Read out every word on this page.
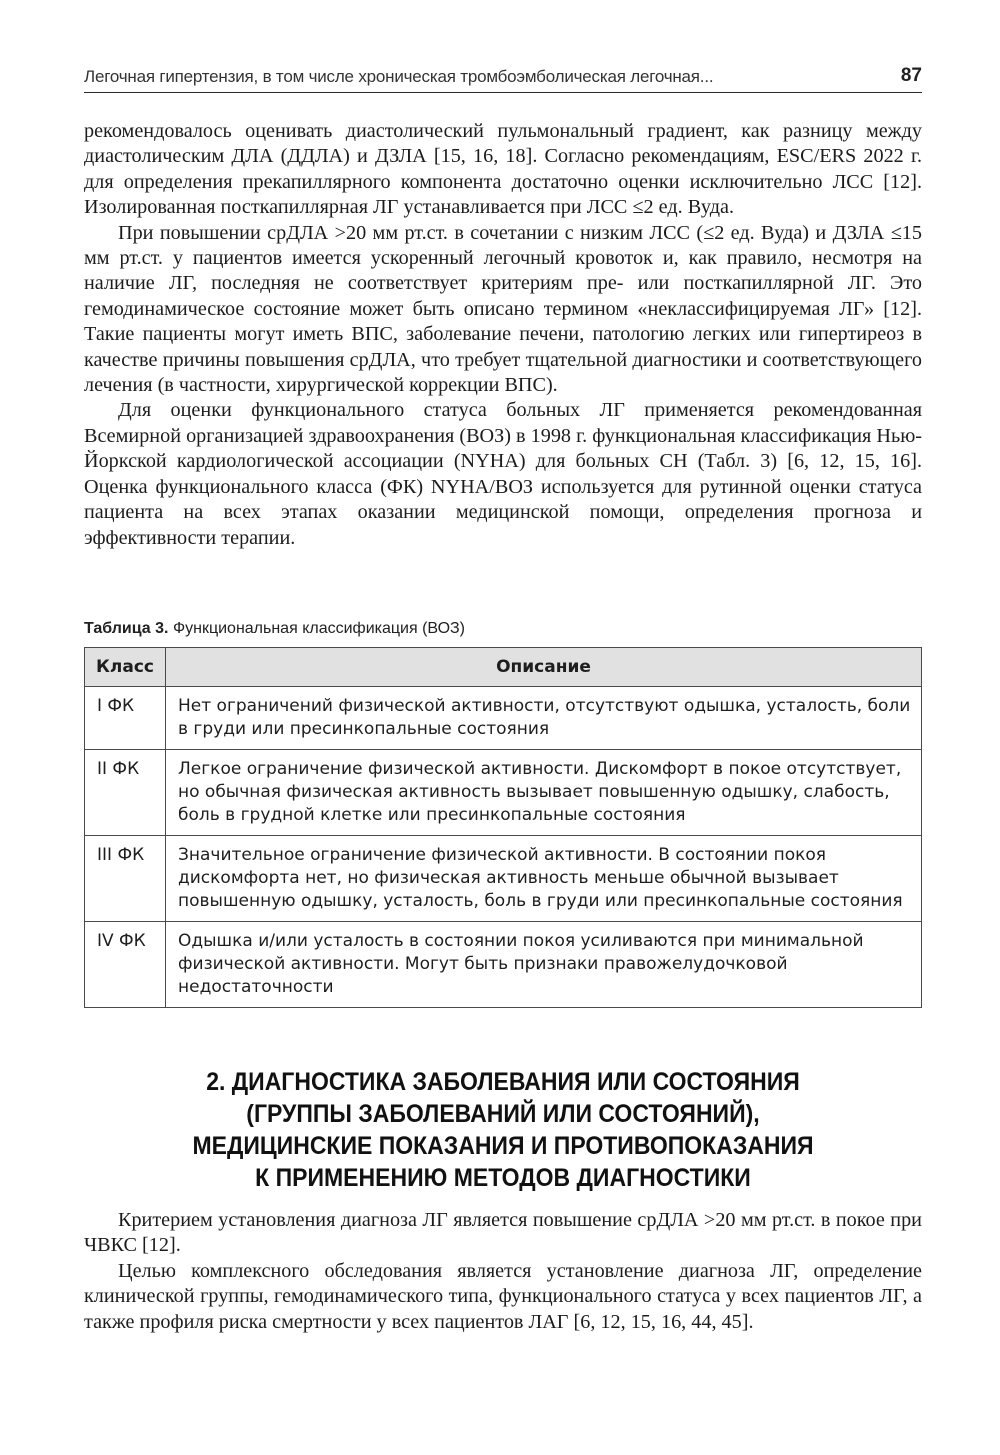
Легочная гипертензия, в том числе хроническая тромбоэмболическая легочная...	87

рекомендовалось оценивать диастолический пульмональный градиент, как разницу между диастолическим ДЛА (ДДЛА) и ДЗЛА [15, 16, 18]. Согласно рекомендациям, ESC/ERS 2022 г. для определения прекапиллярного компонента достаточно оценки исключительно ЛСС [12]. Изолированная посткапиллярная ЛГ устанавливается при ЛСС ≤2 ед. Вуда.

При повышении срДЛА >20 мм рт.ст. в сочетании с низким ЛСС (≤2 ед. Вуда) и ДЗЛА ≤15 мм рт.ст. у пациентов имеется ускоренный легочный кровоток и, как правило, несмотря на наличие ЛГ, последняя не соответствует критериям пре- или посткапиллярной ЛГ. Это гемодинамическое состояние может быть описано термином «неклассифицируемая ЛГ» [12]. Такие пациенты могут иметь ВПС, заболевание печени, патологию легких или гипертиреоз в качестве причины повышения срДЛА, что требует тщательной диагностики и соответствующего лечения (в частности, хирургической коррекции ВПС).

Для оценки функционального статуса больных ЛГ применяется рекомендованная Всемирной организацией здравоохранения (ВОЗ) в 1998 г. функциональная классификация Нью-Йоркской кардиологической ассоциации (NYHA) для больных СН (Табл. 3) [6, 12, 15, 16]. Оценка функционального класса (ФК) NYHA/ВОЗ используется для рутинной оценки статуса пациента на всех этапах оказании медицинской помощи, определения прогноза и эффективности терапии.

Таблица 3. Функциональная классификация (ВОЗ)
Класс	Описание
I ФК	Нет ограничений физической активности, отсутствуют одышка, усталость, боли в груди или пресинкопальные состояния
II ФК	Легкое ограничение физической активности. Дискомфорт в покое отсутствует, но обычная физическая активность вызывает повышенную одышку, слабость, боль в грудной клетке или пресинкопальные состояния
III ФК	Значительное ограничение физической активности. В состоянии покоя дискомфорта нет, но физическая активность меньше обычной вызывает повышенную одышку, усталость, боль в груди или пресинкопальные состояния
IV ФК	Одышка и/или усталость в состоянии покоя усиливаются при минимальной физической активности. Могут быть признаки правожелудочковой недостаточности
2. ДИАГНОСТИКА ЗАБОЛЕВАНИЯ ИЛИ СОСТОЯНИЯ
(ГРУППЫ ЗАБОЛЕВАНИЙ ИЛИ СОСТОЯНИЙ),
МЕДИЦИНСКИЕ ПОКАЗАНИЯ И ПРОТИВОПОКАЗАНИЯ
К ПРИМЕНЕНИЮ МЕТОДОВ ДИАГНОСТИКИ

Критерием установления диагноза ЛГ является повышение срДЛА >20 мм рт.ст. в покое при ЧВКС [12].

Целью комплексного обследования является установление диагноза ЛГ, определение клинической группы, гемодинамического типа, функционального статуса у всех пациентов ЛГ, а также профиля риска смертности у всех пациентов ЛАГ [6, 12, 15, 16, 44, 45].
